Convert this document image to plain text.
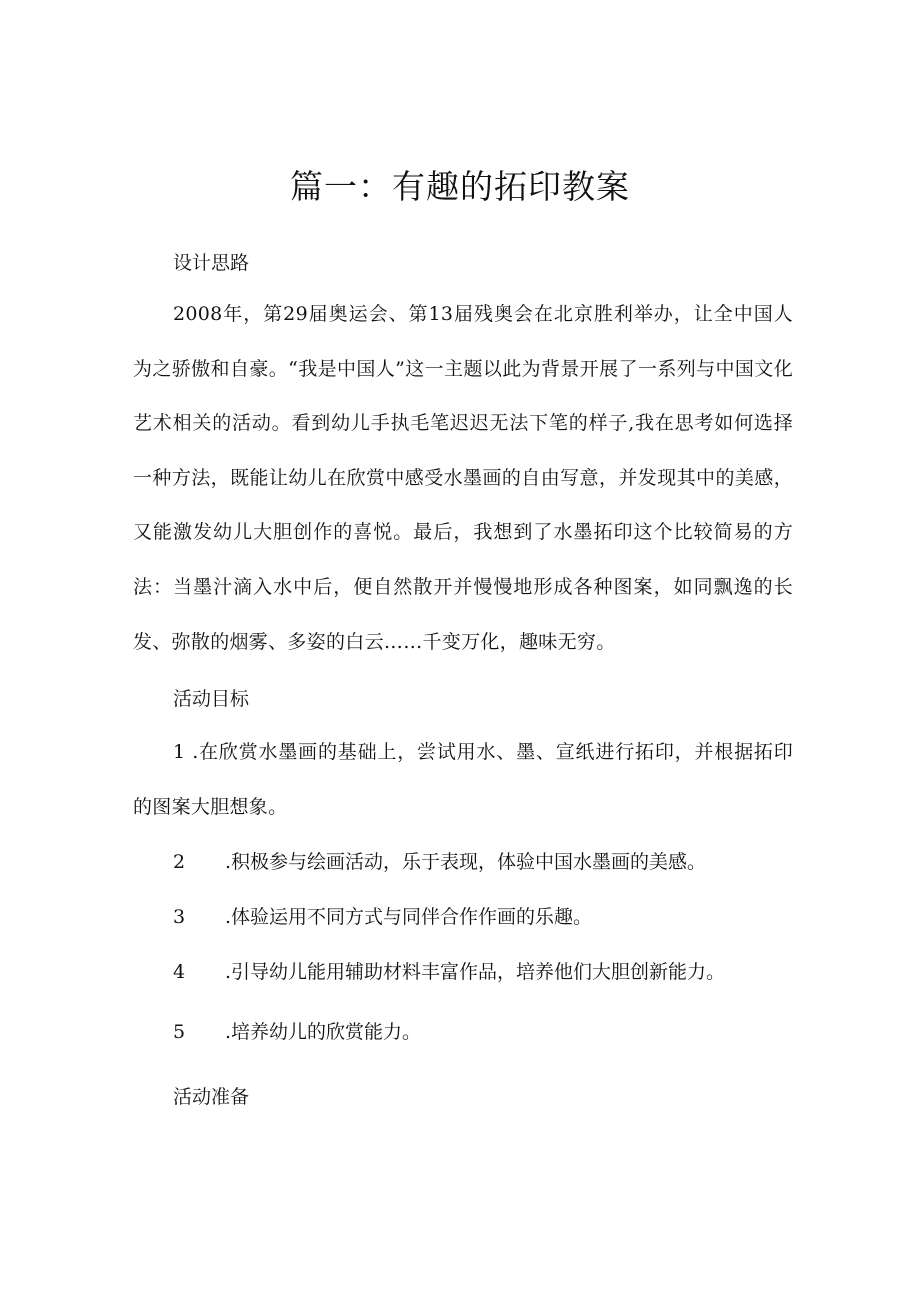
篇一：有趣的拓印教案

设计思路

2008年，第29届奥运会、第13届残奥会在北京胜利举办，让全中国人为之骄傲和自豪。“我是中国人”这一主题以此为背景开展了一系列与中国文化艺术相关的活动。看到幼儿手执毛笔迟迟无法下笔的样子,我在思考如何选择一种方法，既能让幼儿在欣赏中感受水墨画的自由写意，并发现其中的美感，又能激发幼儿大胆创作的喜悦。最后，我想到了水墨拓印这个比较简易的方法：当墨汁滴入水中后，便自然散开并慢慢地形成各种图案，如同飘逸的长发、弥散的烟雾、多姿的白云……千变万化，趣味无穷。

活动目标

1 .在欣赏水墨画的基础上，尝试用水、墨、宣纸进行拓印，并根据拓印的图案大胆想象。

2 .积极参与绘画活动，乐于表现，体验中国水墨画的美感。

3 .体验运用不同方式与同伴合作作画的乐趣。

4 .引导幼儿能用辅助材料丰富作品，培养他们大胆创新能力。

5 .培养幼儿的欣赏能力。

活动准备
